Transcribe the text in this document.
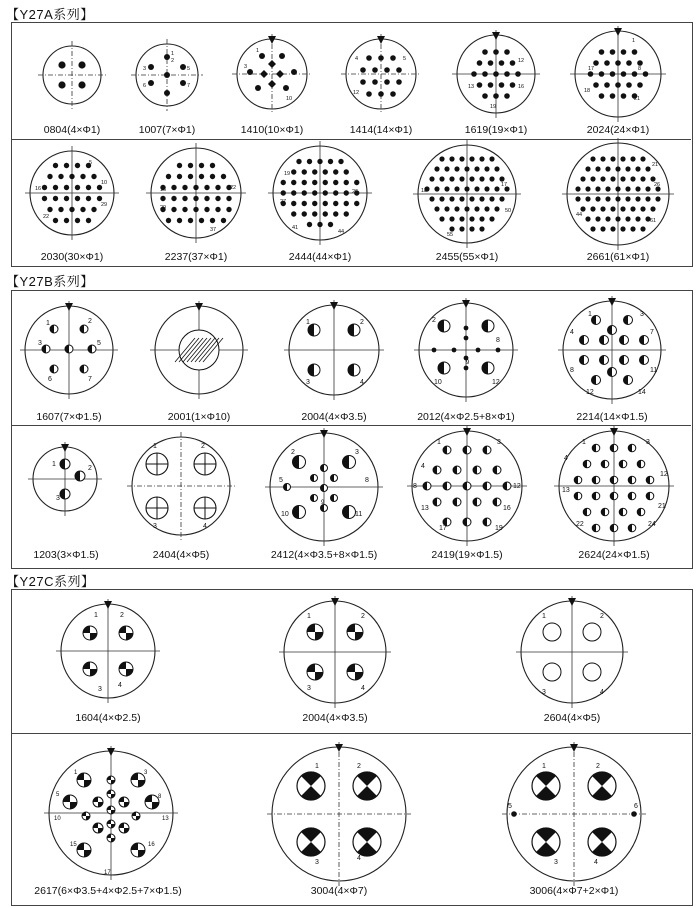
【Y27A系列】
【Y27B系列】
【Y27C系列】
0804(4×Φ1)
1
2
3	5
6	7
1007(7×Φ1)
1
3
10
1410(10×Φ1)
4	5
12
1414(14×Φ1)
12
13	16
19
1619(19×Φ1)
1
17	8
18
21
2024(24×Φ1)
5
10
16
29
22
2030(30×Φ1)
22
16
29
37
2237(37×Φ1)
19
26
27
41
44
2444(44×Φ1)
17
18
50
55
2455(55×Φ1)
21
26
44
61
2661(61×Φ1)
1	2
3	5
6	7
1607(7×Φ1.5)	2001(1×Φ10)
1	2
3	4
2004(4×Φ3.5)
2
8
9
10	12
2012(4×Φ2.5+8×Φ1)
1	3
4	7
8	11
12	14
2214(14×Φ1.5)
1
2
3
1203(3×Φ1.5)
1	2
3	4
2404(4×Φ5)
2	3
5	8
9
10	11
2412(4×Φ3.5+8×Φ1.5)
1	3
4
8	12
13	16
17	19
2419(19×Φ1.5)
1	3
4
12
13
21
22	24
2624(24×Φ1.5)
1	2
3
4
1604(4×Φ2.5)
1	2
3	4
2004(4×Φ3.5)
1	2
3	4
2604(4×Φ5)
1	3
5	8
10	13
15	16
17
2617(6×Φ3.5+4×Φ2.5+7×Φ1.5)
1	2
3
4
3004(4×Φ7)
1	2
5	6
3	4
3006(4×Φ7+2×Φ1)
